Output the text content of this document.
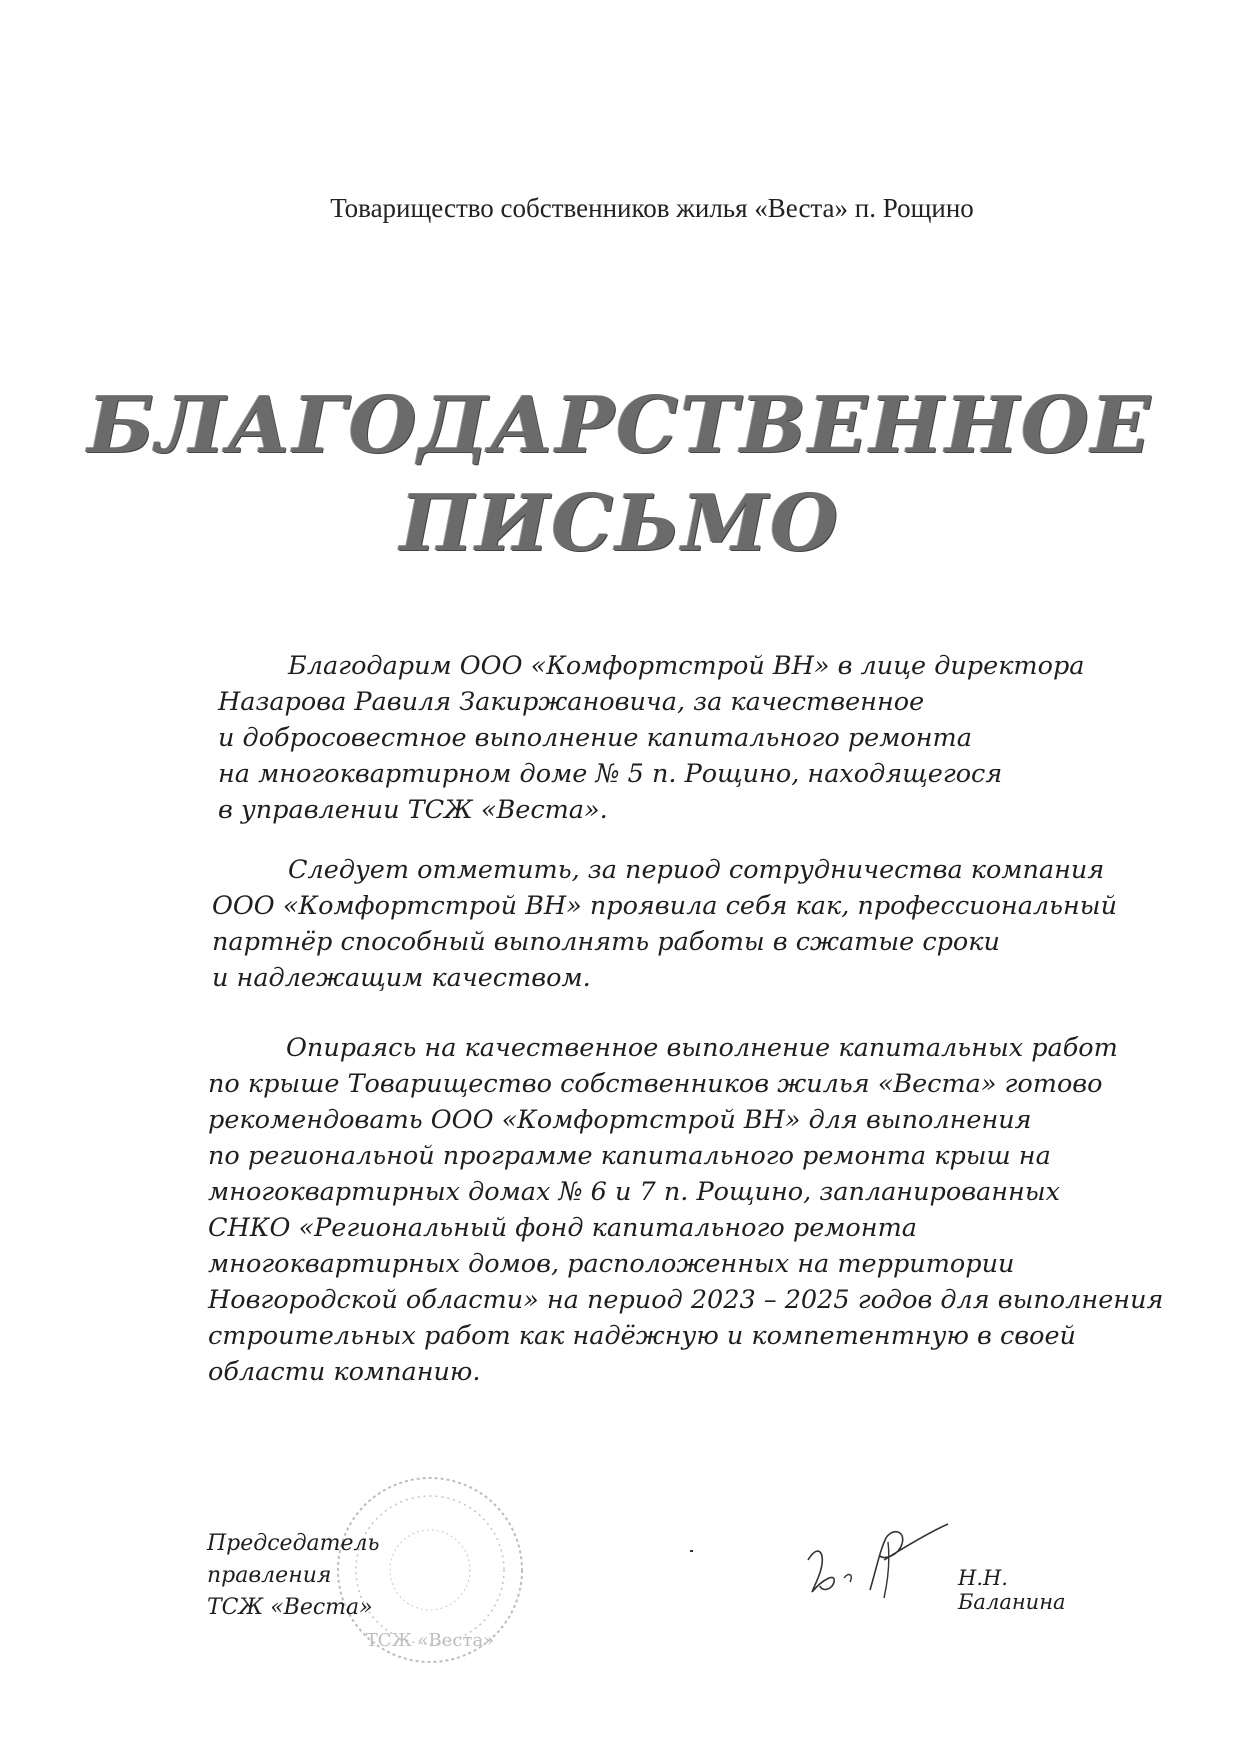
Товарищество собственников жилья «Веста» п. Рощино
БЛАГОДАРСТВЕННОЕ
ПИСЬМО
Благодарим ООО «Комфортстрой ВН» в лице директора
Назарова Равиля Закиржановича, за качественное
и добросовестное выполнение капитального ремонта
на многоквартирном доме № 5 п. Рощино, находящегося
в управлении ТСЖ «Веста».
Следует отметить, за период сотрудничества компания
ООО «Комфортстрой ВН» проявила себя как, профессиональный
партнёр способный выполнять работы в сжатые сроки
и надлежащим качеством.
Опираясь на качественное выполнение капитальных работ
по крыше Товарищество собственников жилья «Веста» готово
рекомендовать ООО «Комфортстрой ВН» для выполнения
по региональной программе капитального ремонта крыш на
многоквартирных домах № 6 и 7 п. Рощино, запланированных
СНКО «Региональный фонд капитального ремонта
многоквартирных домов, расположенных на территории
Новгородской области» на период 2023 – 2025 годов для выполнения
строительных работ как надёжную и компетентную в своей
области компанию.
ТСЖ «Веста»
Председатель правления
ТСЖ «Веста»
Н.Н. Баланина
